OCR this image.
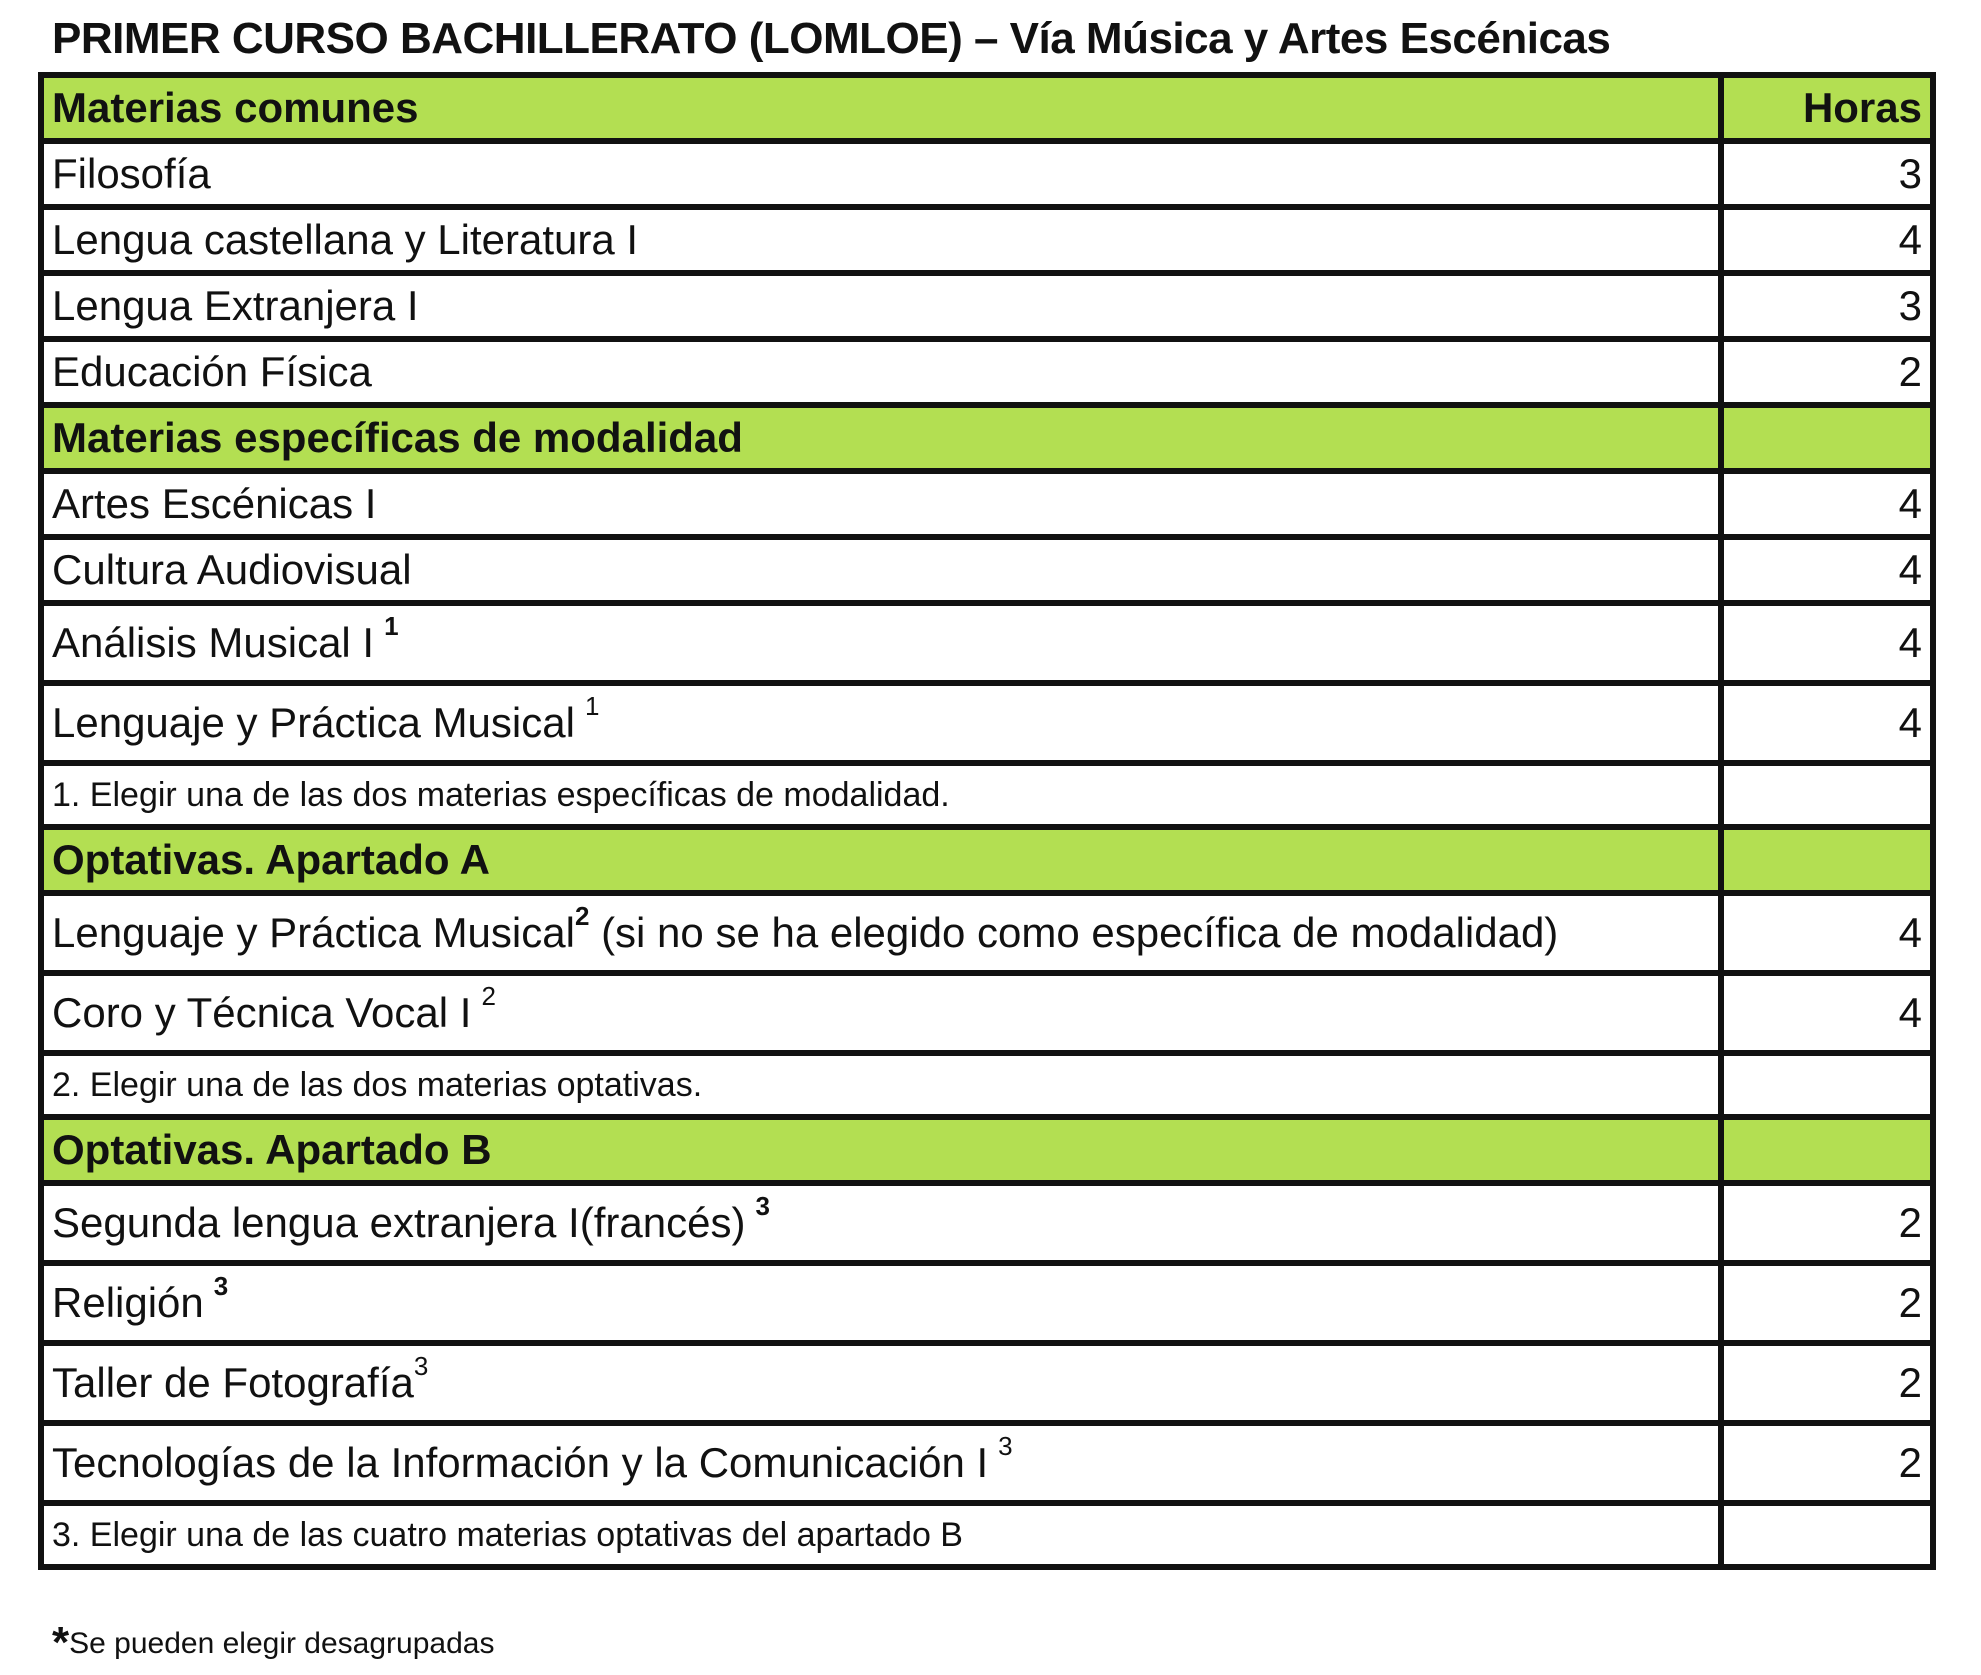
PRIMER CURSO BACHILLERATO (LOMLOE) – Vía Música y Artes Escénicas
Materias comunes	Horas
Filosofía	3
Lengua castellana y Literatura I	4
Lengua Extranjera I	3
Educación Física	2
Materias específicas de modalidad	
Artes Escénicas I	4
Cultura Audiovisual	4
Análisis Musical I $^1$	4
Lenguaje y Práctica Musical $^1$	4
1. Elegir una de las dos materias específicas de modalidad.	
Optativas. Apartado A	
Lenguaje y Práctica Musical$^2$ (si no se ha elegido como específica de modalidad)	4
Coro y Técnica Vocal I $^2$	4
2. Elegir una de las dos materias optativas.	
Optativas. Apartado B	
Segunda lengua extranjera I(francés) $^3$	2
Religión $^3$	2
Taller de Fotografía$^3$	2
Tecnologías de la Información y la Comunicación I $^3$	2
3. Elegir una de las cuatro materias optativas del apartado B	
*Se pueden elegir desagrupadas
